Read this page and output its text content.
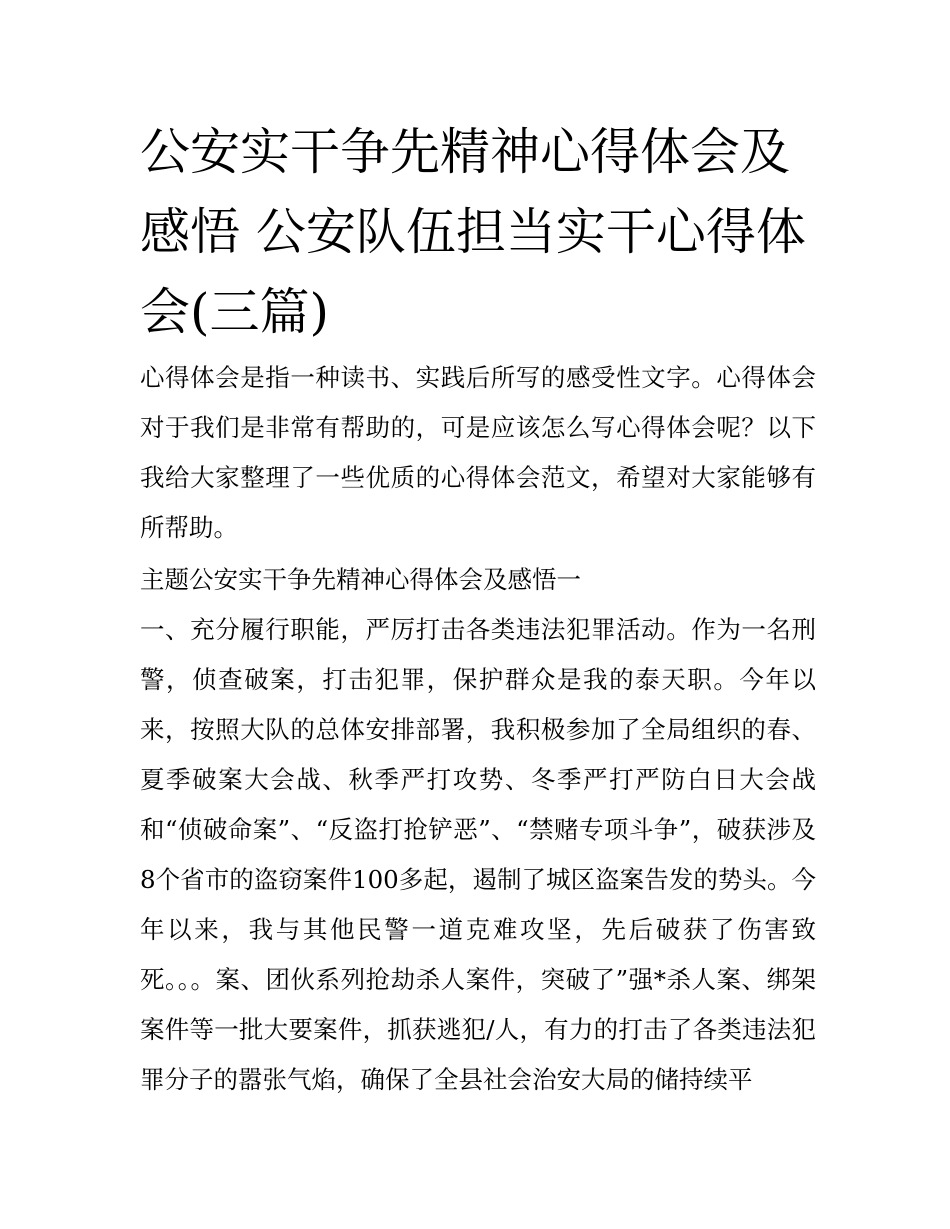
公安实干争先精神心得体会及感悟 公安队伍担当实干心得体会(三篇)

心得体会是指一种读书、实践后所写的感受性文字。心得体会对于我们是非常有帮助的，可是应该怎么写心得体会呢？以下我给大家整理了一些优质的心得体会范文，希望对大家能够有所帮助。

主题公安实干争先精神心得体会及感悟一

一、充分履行职能，严厉打击各类违法犯罪活动。作为一名刑警，侦查破案，打击犯罪，保护群众是我的泰天职。今年以来，按照大队的总体安排部署，我积极参加了全局组织的春、夏季破案大会战、秋季严打攻势、冬季严打严防白日大会战和“侦破命案”、“反盗打抢铲恶”、“禁赌专项斗争”，破获涉及8个省市的盗窃案件100多起，遏制了城区盗案告发的势头。今年以来，我与其他民警一道克难攻坚，先后破获了伤害致死。。。案、团伙系列抢劫杀人案件，突破了”强*杀人案、绑架案件等一批大要案件，抓获逃犯/人，有力的打击了各类违法犯罪分子的嚣张气焰，确保了全县社会治安大局的储持续平
